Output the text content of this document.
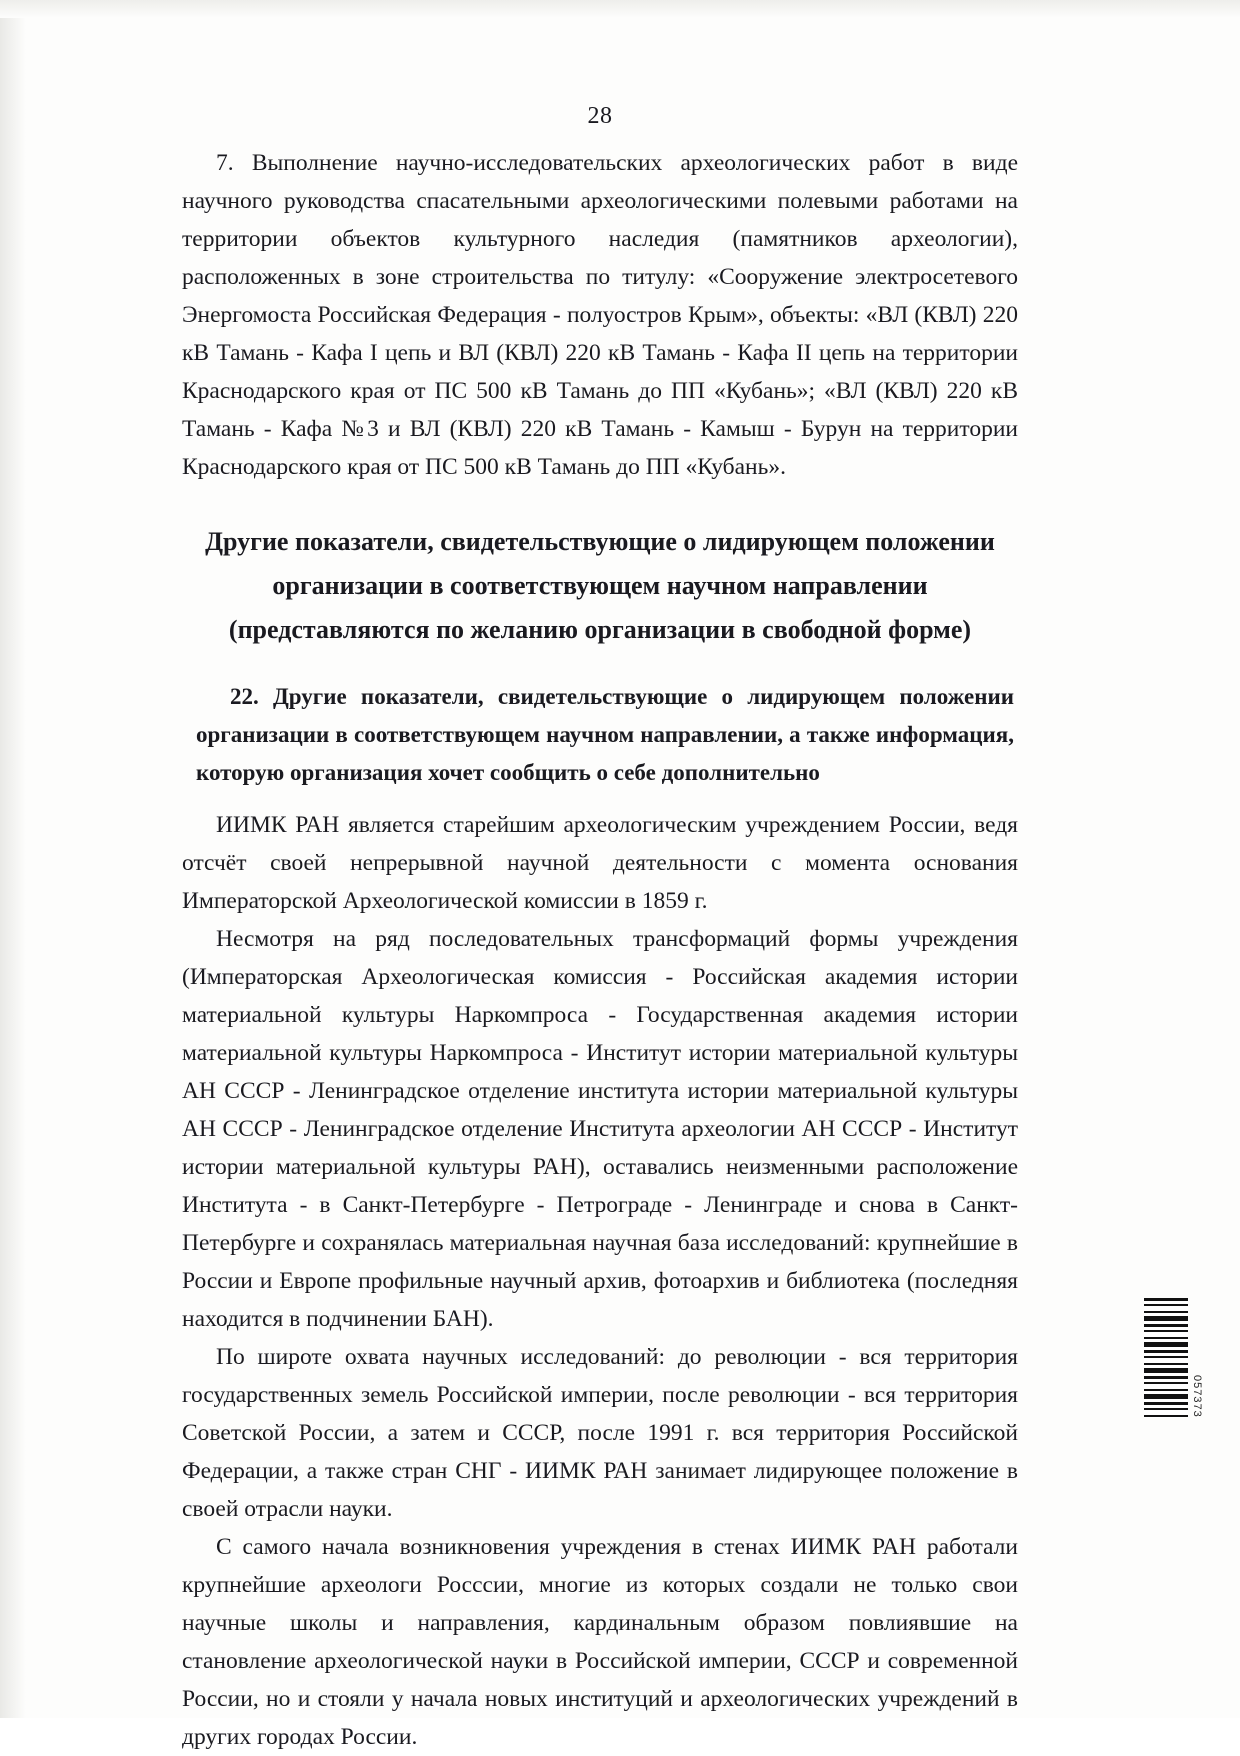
28

7. Выполнение научно-исследовательских археологических работ в виде научного руководства спасательными археологическими полевыми работами на территории объектов культурного наследия (памятников археологии), расположенных в зоне строительства по титулу: «Сооружение электросетевого Энергомоста Российская Федерация - полуостров Крым», объекты: «ВЛ (КВЛ) 220 кВ Тамань - Кафа I цепь и ВЛ (КВЛ) 220 кВ Тамань - Кафа II цепь на территории Краснодарского края от ПС 500 кВ Тамань до ПП «Кубань»; «ВЛ (КВЛ) 220 кВ Тамань - Кафа №3 и ВЛ (КВЛ) 220 кВ Тамань - Камыш - Бурун на территории Краснодарского края от ПС 500 кВ Тамань до ПП «Кубань».

Другие показатели, свидетельствующие о лидирующем положении
организации в соответствующем научном направлении
(представляются по желанию организации в свободной форме)

22. Другие показатели, свидетельствующие о лидирующем положении организации в соответствующем научном направлении, а также информация, которую организация хочет сообщить о себе дополнительно

ИИМК РАН является старейшим археологическим учреждением России, ведя отсчёт своей непрерывной научной деятельности с момента основания Императорской Археологической комиссии в 1859 г.

Несмотря на ряд последовательных трансформаций формы учреждения (Императорская Археологическая комиссия - Российская академия истории материальной культуры Наркомпроса - Государственная академия истории материальной культуры Наркомпроса - Институт истории материальной культуры АН СССР - Ленинградское отделение института истории материальной культуры АН СССР - Ленинградское отделение Института археологии АН СССР - Институт истории материальной культуры РАН), оставались неизменными расположение Института - в Санкт-Петербурге - Петрограде - Ленинграде и снова в Санкт-Петербурге и сохранялась материальная научная база исследований: крупнейшие в России и Европе профильные научный архив, фотоархив и библиотека (последняя находится в подчинении БАН).

По широте охвата научных исследований: до революции - вся территория государственных земель Российской империи, после революции - вся территория Советской России, а затем и СССР, после 1991 г. вся территория Российской Федерации, а также стран СНГ - ИИМК РАН занимает лидирующее положение в своей отрасли науки.

С самого начала возникновения учреждения в стенах ИИМК РАН работали крупнейшие археологи Росссии, многие из которых создали не только свои научные школы и направления, кардинальным образом повлиявшие на становление археологической науки в Российской империи, СССР и современной России, но и стояли у начала новых институций и археологических учреждений в других городах России.

057373
